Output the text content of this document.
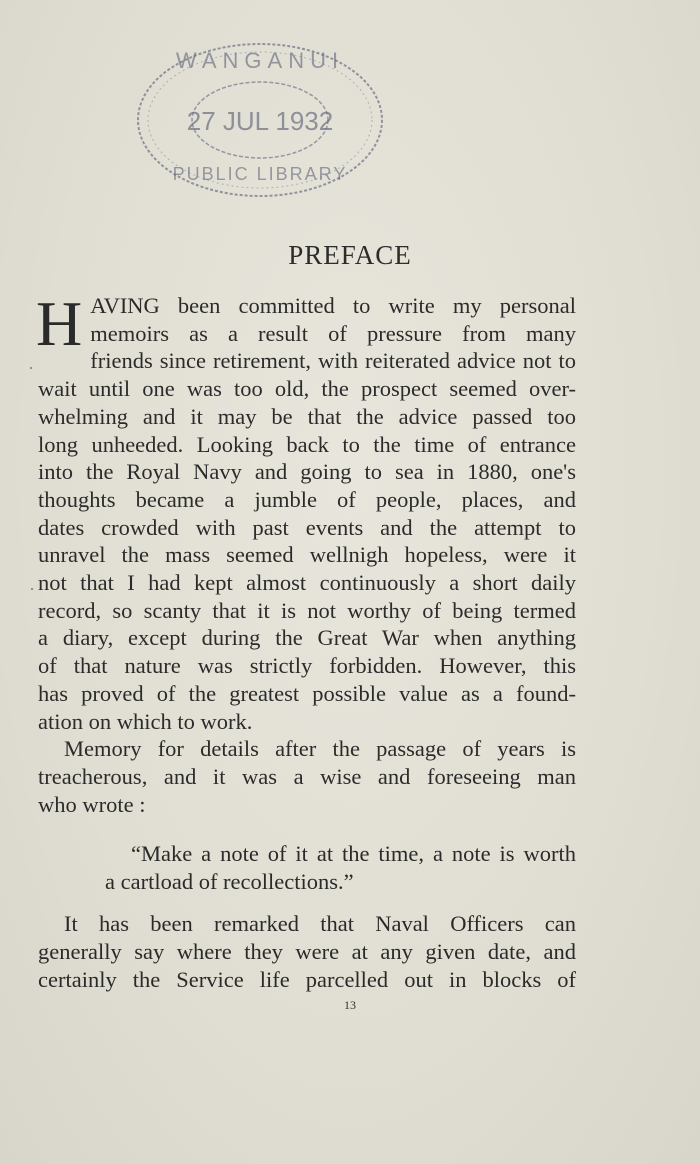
WANGANUI
27 JUL 1932
PUBLIC LIBRARY
PREFACE
H AVING been committed to write my personal
memoirs as a result of pressure from many
friends since retirement, with reiterated advice not to
wait until one was too old, the prospect seemed over-
whelming and it may be that the advice passed too
long unheeded. Looking back to the time of entrance
into the Royal Navy and going to sea in 1880, one's
thoughts became a jumble of people, places, and
dates crowded with past events and the attempt to
unravel the mass seemed wellnigh hopeless, were it
not that I had kept almost continuously a short daily
record, so scanty that it is not worthy of being termed
a diary, except during the Great War when anything
of that nature was strictly forbidden. However, this
has proved of the greatest possible value as a found-
ation on which to work.
Memory for details after the passage of years is
treacherous, and it was a wise and foreseeing man
who wrote :
“Make a note of it at the time, a note is worth
a cartload of recollections.”
It has been remarked that Naval Officers can
generally say where they were at any given date, and
certainly the Service life parcelled out in blocks of
13
